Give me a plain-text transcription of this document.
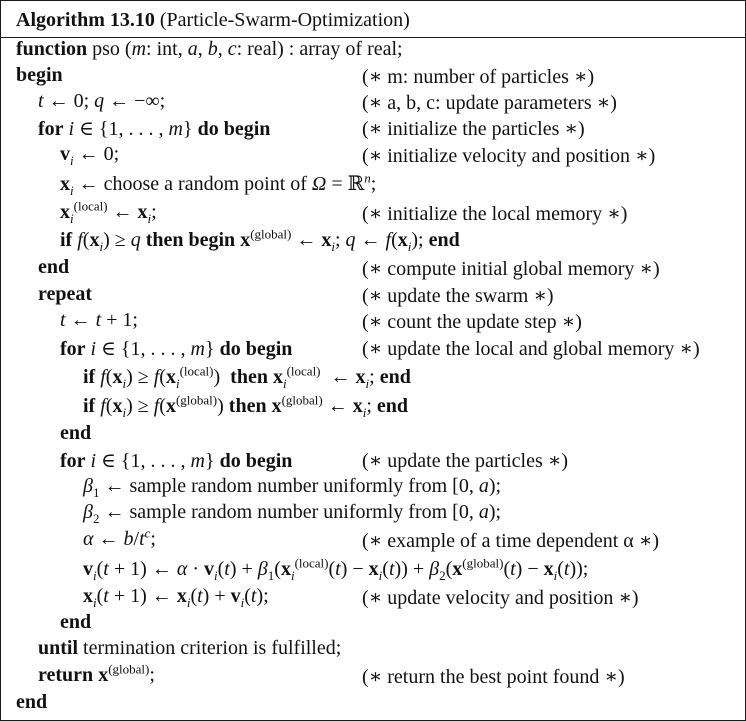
Algorithm 13.10 (Particle-Swarm-Optimization)
function pso (m: int, a, b, c: real) : array of real;
begin	(∗ m: number of particles ∗)
t ← 0; q ← −∞;	(∗ a, b, c: update parameters ∗)
for i ∈ {1, . . . , m} do begin	(∗ initialize the particles ∗)
$v_i$ ← 0;	(∗ initialize velocity and position ∗)
$x_i$ ← choose a random point of Ω = ℝ$^n$;
$x_i^{(local)}$ ← $x_i$;	(∗ initialize the local memory ∗)
if $f(x_i) \ge q$ then begin $x^{(global)}$ ← $x_i$; q ← $f(x_i)$; end
end	(∗ compute initial global memory ∗)
repeat	(∗ update the swarm ∗)
t ← t + 1;	(∗ count the update step ∗)
for i ∈ {1, . . . , m} do begin	(∗ update the local and global memory ∗)
if $f(x_i) \ge f(x_i^{(local)})$  then $x_i^{(local)}$  ← $x_i$; end
if $f(x_i) \ge f(x^{(global)})$ then $x^{(global)}$ ← $x_i$; end
end
for i ∈ {1, . . . , m} do begin	(∗ update the particles ∗)
$\beta_1$ ← sample random number uniformly from [0, a);
$\beta_2$ ← sample random number uniformly from [0, a);
α ← $b/t^c$;	(∗ example of a time dependent α ∗)
$v_i(t + 1)$ ← $\alpha \cdot v_i(t) + \beta_1(x_i^{(local)}(t) - x_i(t)) + \beta_2(x^{(global)}(t) - x_i(t))$;
$x_i(t + 1)$ ← $x_i(t) + v_i(t)$;	(∗ update velocity and position ∗)
end
until termination criterion is fulfilled;
return $x^{(global)}$;	(∗ return the best point found ∗)
end
